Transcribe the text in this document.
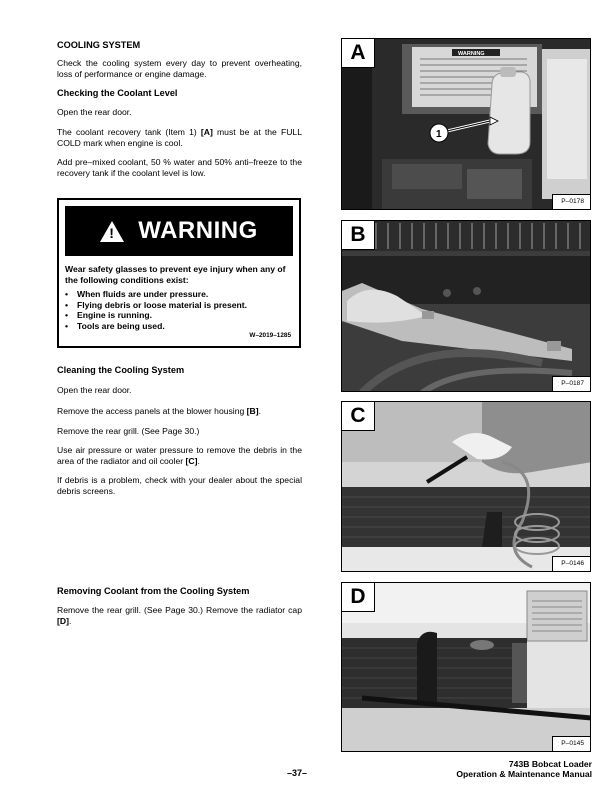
COOLING SYSTEM
Check the cooling system every day to prevent overheating, loss of performance or engine damage.
Checking the Coolant Level
Open the rear door.
The coolant recovery tank (Item 1) [A] must be at the FULL COLD mark when engine is cool.
Add pre–mixed coolant, 50 % water and 50% anti–freeze to the recovery tank if the coolant level is low.
! WARNING
Wear safety glasses to prevent eye injury when any of the following conditions exist:
• When fluids are under pressure.
• Flying debris or loose material is present.
• Engine is running.
• Tools are being used.
W–2019–1285
Cleaning the Cooling System
Open the rear door.
Remove the access panels at the blower housing [B].
Remove the rear grill. (See Page 30.)
Use air pressure or water pressure to remove the debris in the area of the radiator and oil cooler [C].
If debris is a problem, check with your dealer about the special debris screens.
Removing Coolant from the Cooling System
Remove the rear grill. (See Page 30.) Remove the radiator cap [D].
WARNING
1
A
P–0178
B
P–0187
C
P–0146
D
P–0145
–37–
743B Bobcat Loader
Operation & Maintenance Manual
